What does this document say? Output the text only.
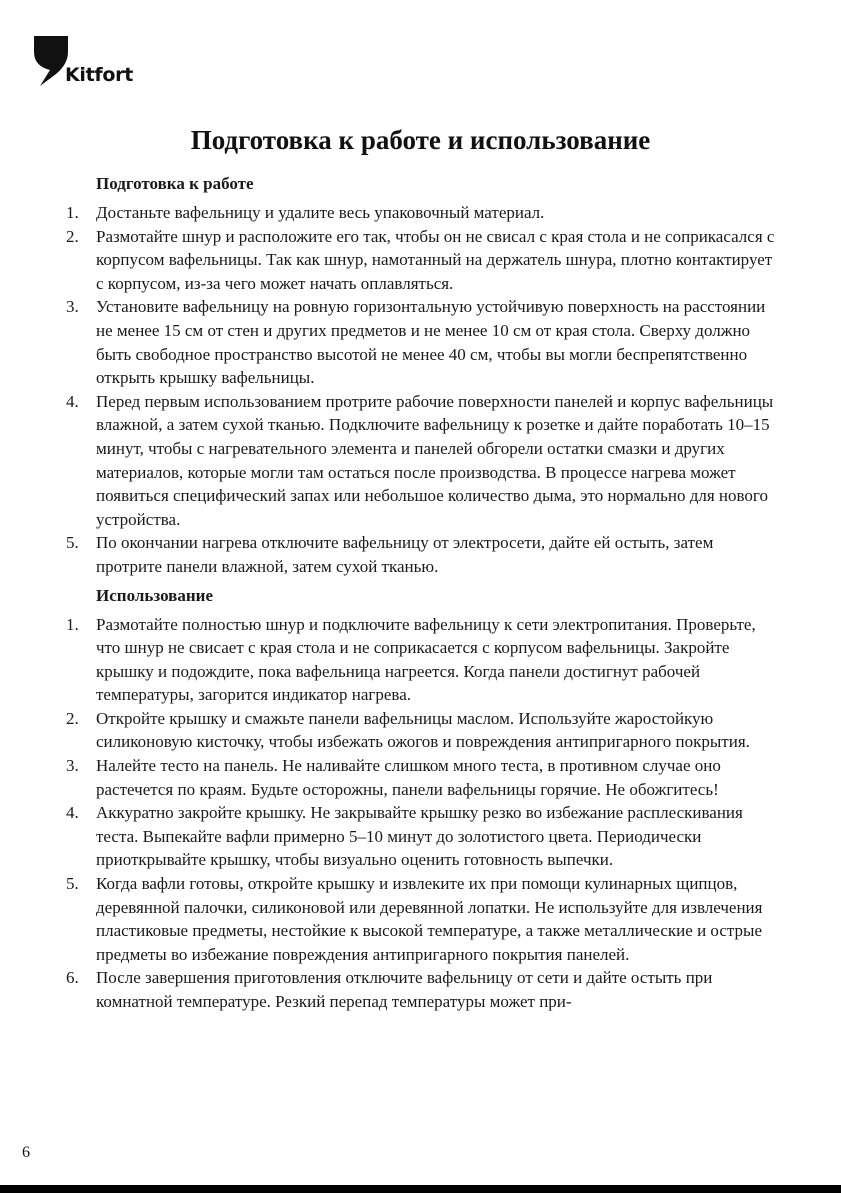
Kitfort
Подготовка к работе и использование
Подготовка к работе
1.	Достаньте вафельницу и удалите весь упаковочный материал.
2.	Размотайте шнур и расположите его так, чтобы он не свисал с края стола и не соприкасался с корпусом вафельницы. Так как шнур, намотанный на держатель шнура, плотно контактирует с корпусом, из-за чего может начать оплавляться.
3.	Установите вафельницу на ровную горизонтальную устойчивую поверхность на расстоянии не менее 15 см от стен и других предметов и не менее 10 см от края стола. Сверху должно быть свободное пространство высотой не менее 40 см, чтобы вы могли беспрепятственно открыть крышку вафельницы.
4.	Перед первым использованием протрите рабочие поверхности панелей и корпус вафельницы влажной, а затем сухой тканью. Подключите вафельницу к розетке и дайте поработать 10–15 минут, чтобы с нагревательного элемента и панелей обгорели остатки смазки и других материалов, которые могли там остаться после производства. В процессе нагрева может появиться специфический запах или небольшое количество дыма, это нормально для нового устройства.
5.	По окончании нагрева отключите вафельницу от электросети, дайте ей остыть, затем протрите панели влажной, затем сухой тканью.
Использование
1.	Размотайте полностью шнур и подключите вафельницу к сети электропитания. Проверьте, что шнур не свисает с края стола и не соприкасается с корпусом вафельницы. Закройте крышку и подождите, пока вафельница нагреется. Когда панели достигнут рабочей температуры, загорится индикатор нагрева.
2.	Откройте крышку и смажьте панели вафельницы маслом. Используйте жаростойкую силиконовую кисточку, чтобы избежать ожогов и повреждения антипригарного покрытия.
3.	Налейте тесто на панель. Не наливайте слишком много теста, в противном случае оно растечется по краям. Будьте осторожны, панели вафельницы горячие. Не обожгитесь!
4.	Аккуратно закройте крышку. Не закрывайте крышку резко во избежание расплескивания теста. Выпекайте вафли примерно 5–10 минут до золотистого цвета. Периодически приоткрывайте крышку, чтобы визуально оценить готовность выпечки.
5.	Когда вафли готовы, откройте крышку и извлеките их при помощи кулинарных щипцов, деревянной палочки, силиконовой или деревянной лопатки. Не используйте для извлечения пластиковые предметы, нестойкие к высокой температуре, а также металлические и острые предметы во избежание повреждения антипригарного покрытия панелей.
6.	После завершения приготовления отключите вафельницу от сети и дайте остыть при комнатной температуре. Резкий перепад температуры может при-
6
